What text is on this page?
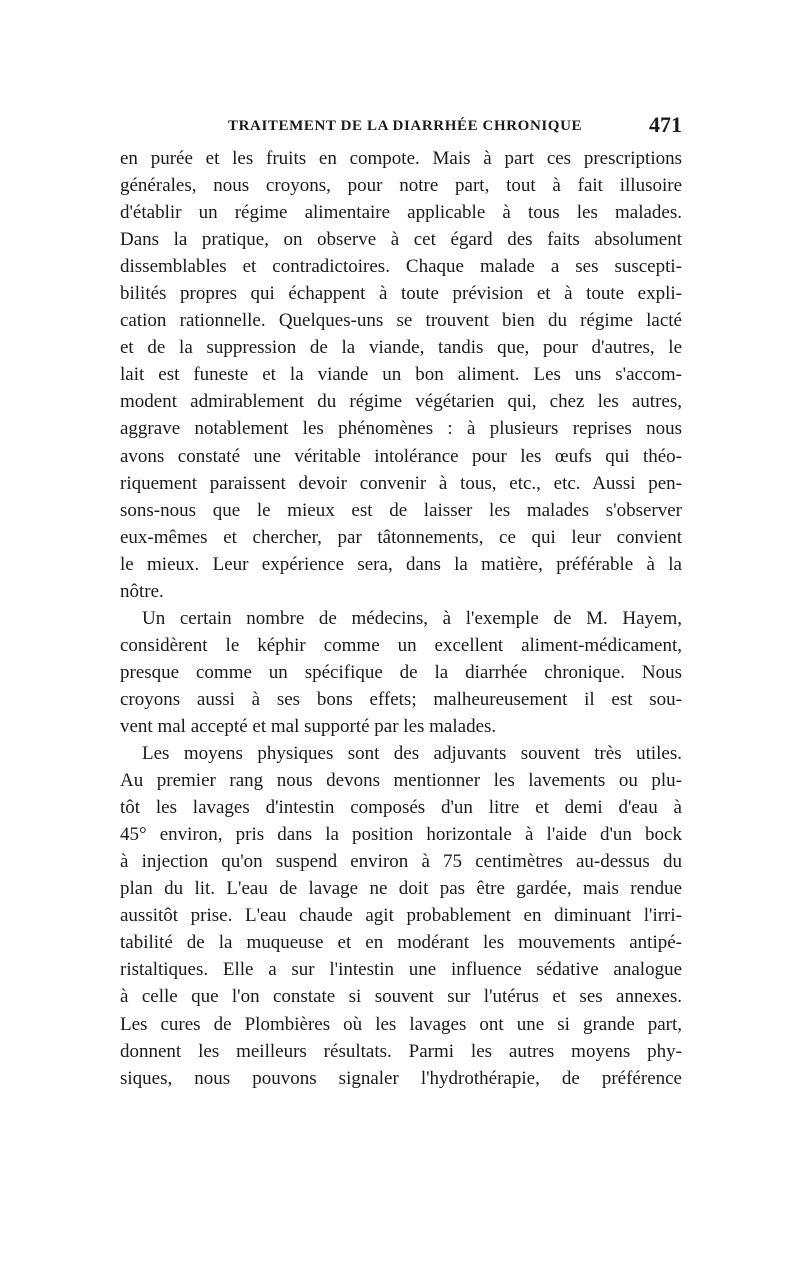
TRAITEMENT DE LA DIARRHÉE CHRONIQUE	471
en purée et les fruits en compote. Mais à part ces prescriptions
générales, nous croyons, pour notre part, tout à fait illusoire
d'établir un régime alimentaire applicable à tous les malades.
Dans la pratique, on observe à cet égard des faits absolument
dissemblables et contradictoires. Chaque malade a ses suscepti-
bilités propres qui échappent à toute prévision et à toute expli-
cation rationnelle. Quelques-uns se trouvent bien du régime lacté
et de la suppression de la viande, tandis que, pour d'autres, le
lait est funeste et la viande un bon aliment. Les uns s'accom-
modent admirablement du régime végétarien qui, chez les autres,
aggrave notablement les phénomènes : à plusieurs reprises nous
avons constaté une véritable intolérance pour les œufs qui théo-
riquement paraissent devoir convenir à tous, etc., etc. Aussi pen-
sons-nous que le mieux est de laisser les malades s'observer
eux-mêmes et chercher, par tâtonnements, ce qui leur convient
le mieux. Leur expérience sera, dans la matière, préférable à la
nôtre.
Un certain nombre de médecins, à l'exemple de M. Hayem,
considèrent le képhir comme un excellent aliment-médicament,
presque comme un spécifique de la diarrhée chronique. Nous
croyons aussi à ses bons effets; malheureusement il est sou-
vent mal accepté et mal supporté par les malades.
Les moyens physiques sont des adjuvants souvent très utiles.
Au premier rang nous devons mentionner les lavements ou plu-
tôt les lavages d'intestin composés d'un litre et demi d'eau à
45° environ, pris dans la position horizontale à l'aide d'un bock
à injection qu'on suspend environ à 75 centimètres au-dessus du
plan du lit. L'eau de lavage ne doit pas être gardée, mais rendue
aussitôt prise. L'eau chaude agit probablement en diminuant l'irri-
tabilité de la muqueuse et en modérant les mouvements antipé-
ristaltiques. Elle a sur l'intestin une influence sédative analogue
à celle que l'on constate si souvent sur l'utérus et ses annexes.
Les cures de Plombières où les lavages ont une si grande part,
donnent les meilleurs résultats. Parmi les autres moyens phy-
siques, nous pouvons signaler l'hydrothérapie, de préférence
